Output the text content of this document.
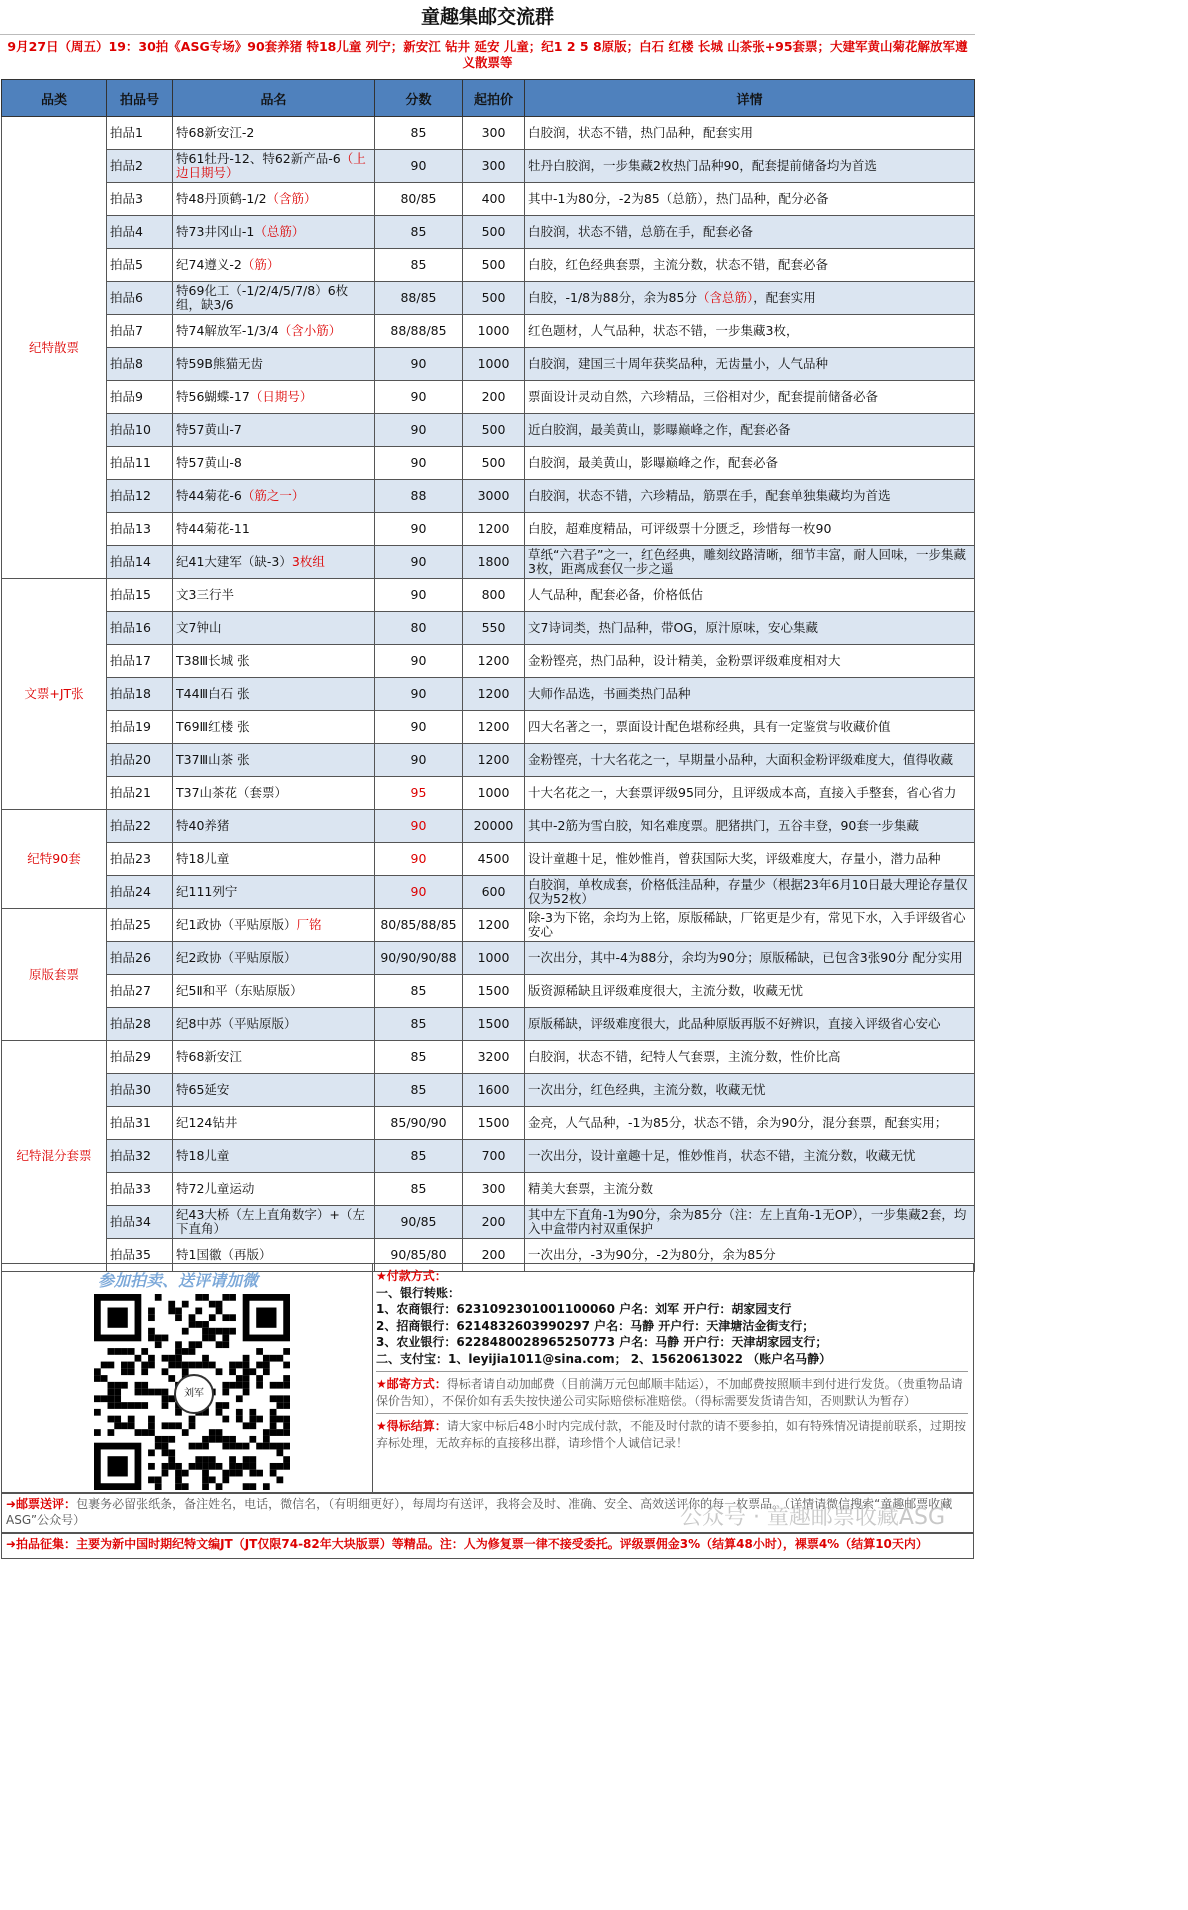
童趣集邮交流群
9月27日（周五）19：30拍《ASG专场》90套养猪 特18儿童 列宁；新安江 钻井 延安 儿童；纪1 2 5 8原版；白石 红楼 长城 山茶张+95套票；大建军黄山菊花解放军遵义散票等
品类	拍品号	品名	分数	起拍价	详情
纪特散票	拍品1	特68新安江-2	85	300	白胶润，状态不错，热门品种，配套实用
	拍品2	特61牡丹-12、特62新产品-6（上边日期号）	90	300	牡丹白胶润，一步集藏2枚热门品种90，配套提前储备均为首选
	拍品3	特48丹顶鹤-1/2（含筋）	80/85	400	其中-1为80分，-2为85（总筋），热门品种，配分必备
	拍品4	特73井冈山-1（总筋）	85	500	白胶润，状态不错，总筋在手，配套必备
	拍品5	纪74遵义-2（筋）	85	500	白胶，红色经典套票，主流分数，状态不错，配套必备
	拍品6	特69化工（-1/2/4/5/7/8）6枚组，缺3/6	88/85	500	白胶，-1/8为88分，余为85分（含总筋），配套实用
	拍品7	特74解放军-1/3/4（含小筋）	88/88/85	1000	红色题材，人气品种，状态不错，一步集藏3枚，
	拍品8	特59B熊猫无齿	90	1000	白胶润，建国三十周年获奖品种，无齿量小，人气品种
	拍品9	特56蝴蝶-17（日期号）	90	200	票面设计灵动自然，六珍精品，三俗相对少，配套提前储备必备
	拍品10	特57黄山-7	90	500	近白胶润，最美黄山，影曝巅峰之作，配套必备
	拍品11	特57黄山-8	90	500	白胶润，最美黄山，影曝巅峰之作，配套必备
	拍品12	特44菊花-6（筋之一）	88	3000	白胶润，状态不错，六珍精品，筋票在手，配套单独集藏均为首选
	拍品13	特44菊花-11	90	1200	白胶，超难度精品，可评级票十分匮乏，珍惜每一枚90
	拍品14	纪41大建军（缺-3）3枚组	90	1800	草纸“六君子”之一，红色经典，雕刻纹路清晰，细节丰富，耐人回味，一步集藏3枚，距离成套仅一步之遥
文票+JT张	拍品15	文3三行半	90	800	人气品种，配套必备，价格低估
	拍品16	文7钟山	80	550	文7诗词类，热门品种，带OG，原汁原味，安心集藏
	拍品17	T38Ⅲ长城 张	90	1200	金粉铿亮，热门品种，设计精美，金粉票评级难度相对大
	拍品18	T44Ⅲ白石 张	90	1200	大师作品选，书画类热门品种
	拍品19	T69Ⅲ红楼 张	90	1200	四大名著之一，票面设计配色堪称经典，具有一定鉴赏与收藏价值
	拍品20	T37Ⅲ山茶 张	90	1200	金粉铿亮，十大名花之一，早期量小品种，大面积金粉评级难度大，值得收藏
	拍品21	T37山茶花（套票）	95	1000	十大名花之一，大套票评级95同分，且评级成本高，直接入手整套，省心省力
纪特90套	拍品22	特40养猪	90	20000	其中-2筋为雪白胶，知名难度票。肥猪拱门，五谷丰登，90套一步集藏
	拍品23	特18儿童	90	4500	设计童趣十足，惟妙惟肖，曾获国际大奖，评级难度大，存量小，潜力品种
	拍品24	纪111列宁	90	600	白胶润，单枚成套，价格低洼品种，存量少（根据23年6月10日最大理论存量仅仅为52枚）
原版套票	拍品25	纪1政协（平贴原版）厂铭	80/85/88/85	1200	除-3为下铭，余均为上铭，原版稀缺，厂铭更是少有，常见下水，入手评级省心安心
	拍品26	纪2政协（平贴原版）	90/90/90/88	1000	一次出分，其中-4为88分，余均为90分；原版稀缺，已包含3张90分 配分实用
	拍品27	纪5Ⅱ和平（东贴原版）	85	1500	版资源稀缺且评级难度很大，主流分数，收藏无忧
	拍品28	纪8中苏（平贴原版）	85	1500	原版稀缺，评级难度很大，此品种原版再版不好辨识，直接入评级省心安心
纪特混分套票	拍品29	特68新安江	85	3200	白胶润，状态不错，纪特人气套票，主流分数，性价比高
	拍品30	特65延安	85	1600	一次出分，红色经典，主流分数，收藏无忧
	拍品31	纪124钻井	85/90/90	1500	金亮，人气品种，-1为85分，状态不错，余为90分，混分套票，配套实用；
	拍品32	特18儿童	85	700	一次出分，设计童趣十足，惟妙惟肖，状态不错，主流分数，收藏无忧
	拍品33	特72儿童运动	85	300	精美大套票，主流分数
	拍品34	纪43大桥（左上直角数字）+（左下直角）	90/85	200	其中左下直角-1为90分，余为85分（注：左上直角-1无OP），一步集藏2套，均入中盒带内衬双重保护
	拍品35	特1国徽（再版）	90/85/80	200	一次出分，-3为90分，-2为80分，余为85分
参加拍卖、送评请加微
刘军
★付款方式：
一、银行转账：
1、农商银行：6231092301001100060 户名：刘军 开户行：胡家园支行
2、招商银行：6214832603990297 户名：马静 开户行：天津塘沽金街支行；
3、农业银行：6228480028965250773 户名：马静 开户行：天津胡家园支行；
二、支付宝：1、leyijia1011@sina.com； 2、15620613022 （账户名马静）
★邮寄方式：得标者请自动加邮费（目前满万元包邮顺丰陆运），不加邮费按照顺丰到付进行发货。（贵重物品请保价告知），不保价如有丢失按快递公司实际赔偿标准赔偿。（得标需要发货请告知，否则默认为暂存）
★得标结算：请大家中标后48小时内完成付款，不能及时付款的请不要参拍，如有特殊情况请提前联系，过期按弃标处理，无故弃标的直接移出群，请珍惜个人诚信记录！
➜邮票送评：包裹务必留张纸条，备注姓名，电话，微信名，（有明细更好），每周均有送评，我将会及时、准确、安全、高效送评你的每一枚票品。（详情请微信搜索“童趣邮票收藏ASG”公众号）
➜拍品征集：主要为新中国时期纪特文编JT（JT仅限74-82年大块版票）等精品。注：人为修复票一律不接受委托。评级票佣金3%（结算48小时），裸票4%（结算10天内）
公众号 · 童趣邮票收藏ASG
